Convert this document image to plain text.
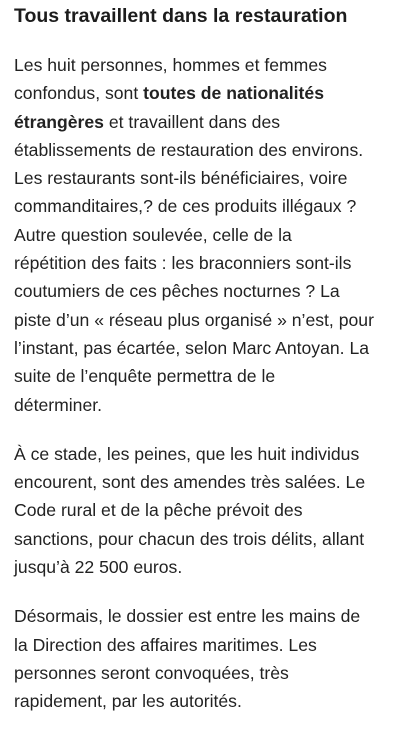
Tous travaillent dans la restauration

Les huit personnes, hommes et femmes
confondus, sont toutes de nationalités
étrangères et travaillent dans des
établissements de restauration des environs.
Les restaurants sont-ils bénéficiaires, voire
commanditaires,? de ces produits illégaux ?
Autre question soulevée, celle de la
répétition des faits : les braconniers sont-ils
coutumiers de ces pêches nocturnes ? La
piste d’un « réseau plus organisé » n’est, pour
l’instant, pas écartée, selon Marc Antoyan. La
suite de l’enquête permettra de le
déterminer.

À ce stade, les peines, que les huit individus
encourent, sont des amendes très salées. Le
Code rural et de la pêche prévoit des
sanctions, pour chacun des trois délits, allant
jusqu’à 22 500 euros.

Désormais, le dossier est entre les mains de
la Direction des affaires maritimes. Les
personnes seront convoquées, très
rapidement, par les autorités.
